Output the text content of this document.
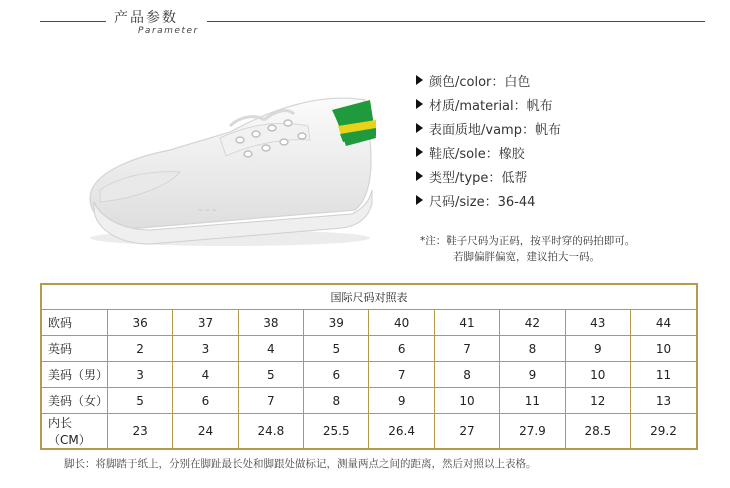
产品参数
Parameter
~ ~ ~
颜色/color：白色
材质/material：帆布
表面质地/vamp：帆布
鞋底/sole：橡胶
类型/type：低帮
尺码/size：36-44
*注：鞋子尺码为正码，按平时穿的码拍即可。
若脚偏胖偏宽，建议拍大一码。
国际尺码对照表									
欧码	36	37	38	39	40	41	42	43	44
英码	2	3	4	5	6	7	8	9	10
美码（男）	3	4	5	6	7	8	9	10	11
美码（女）	5	6	7	8	9	10	11	12	13
内长（CM）	23	24	24.8	25.5	26.4	27	27.9	28.5	29.2
脚长：将脚踏于纸上，分别在脚趾最长处和脚跟处做标记，测量两点之间的距离，然后对照以上表格。
